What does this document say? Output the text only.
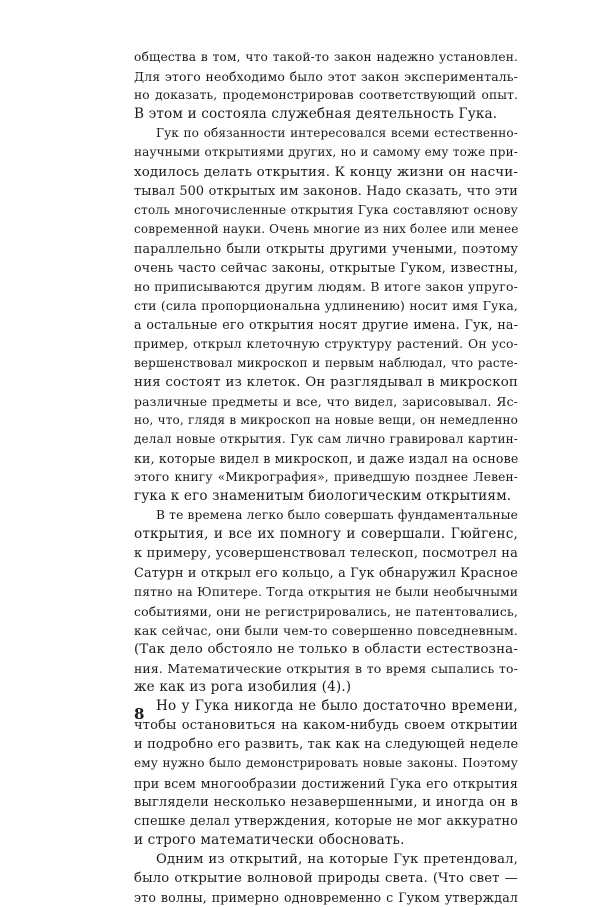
общества в том, что такой-то закон надежно установлен.
Для этого необходимо было этот закон эксперименталь-
но доказать, продемонстрировав соответствующий опыт.
В этом и состояла служебная деятельность Гука.
Гук по обязанности интересовался всеми естественно-
научными открытиями других, но и самому ему тоже при-
ходилось делать открытия. К концу жизни он насчи-
тывал 500 открытых им законов. Надо сказать, что эти
столь многочисленные открытия Гука составляют основу
современной науки. Очень многие из них более или менее
параллельно были открыты другими учеными, поэтому
очень часто сейчас законы, открытые Гуком, известны,
но приписываются другим людям. В итоге закон упруго-
сти (сила пропорциональна удлинению) носит имя Гука,
а остальные его открытия носят другие имена. Гук, на-
пример, открыл клеточную структуру растений. Он усо-
вершенствовал микроскоп и первым наблюдал, что расте-
ния состоят из клеток. Он разглядывал в микроскоп
различные предметы и все, что видел, зарисовывал. Яс-
но, что, глядя в микроскоп на новые вещи, он немедленно
делал новые открытия. Гук сам лично гравировал картин-
ки, которые видел в микроскоп, и даже издал на основе
этого книгу «Микрография», приведшую позднее Левен-
гука к его знаменитым биологическим открытиям.
В те времена легко было совершать фундаментальные
открытия, и все их помногу и совершали. Гюйгенс,
к примеру, усовершенствовал телескоп, посмотрел на
Сатурн и открыл его кольцо, а Гук обнаружил Красное
пятно на Юпитере. Тогда открытия не были необычными
событиями, они не регистрировались, не патентовались,
как сейчас, они были чем-то совершенно повседневным.
(Так дело обстояло не только в области естествозна-
ния. Математические открытия в то время сыпались то-
же как из рога изобилия (4).)
Но у Гука никогда не было достаточно времени,
чтобы остановиться на каком-нибудь своем открытии
и подробно его развить, так как на следующей неделе
ему нужно было демонстрировать новые законы. Поэтому
при всем многообразии достижений Гука его открытия
выглядели несколько незавершенными, и иногда он в
спешке делал утверждения, которые не мог аккуратно
и строго математически обосновать.
Одним из открытий, на которые Гук претендовал,
было открытие волновой природы света. (Что свет —
это волны, примерно одновременно с Гуком утверждал
8
